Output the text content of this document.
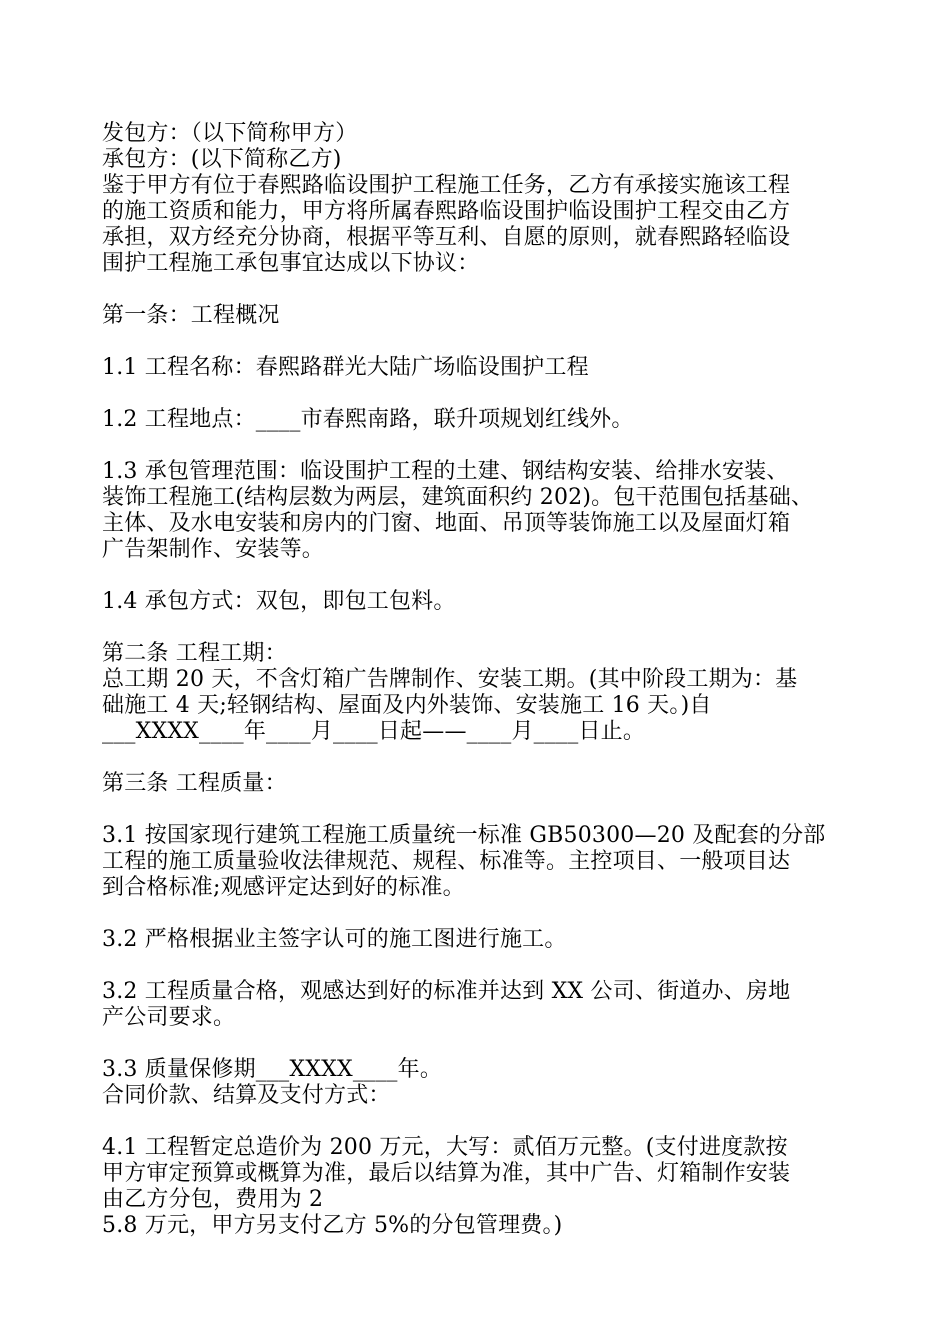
发包方：（以下简称甲方）

承包方：(以下简称乙方)

鉴于甲方有位于春熙路临设围护工程施工任务，乙方有承接实施该工程

的施工资质和能力，甲方将所属春熙路临设围护临设围护工程交由乙方

承担，双方经充分协商，根据平等互利、自愿的原则，就春熙路轻临设

围护工程施工承包事宜达成以下协议：

第一条：工程概况

1.1 工程名称：春熙路群光大陆广场临设围护工程

1.2 工程地点：____市春熙南路，联升项规划红线外。

1.3 承包管理范围：临设围护工程的土建、钢结构安装、给排水安装、

装饰工程施工(结构层数为两层，建筑面积约 202)。包干范围包括基础、

主体、及水电安装和房内的门窗、地面、吊顶等装饰施工以及屋面灯箱

广告架制作、安装等。

1.4 承包方式：双包，即包工包料。

第二条 工程工期：

总工期 20 天，不含灯箱广告牌制作、安装工期。(其中阶段工期为：基

础施工 4 天;轻钢结构、屋面及内外装饰、安装施工 16 天。)自

___XXXX____年____月____日起——____月____日止。

第三条 工程质量：

3.1 按国家现行建筑工程施工质量统一标准 GB50300—20 及配套的分部

工程的施工质量验收法律规范、规程、标准等。主控项目、一般项目达

到合格标准;观感评定达到好的标准。

3.2 严格根据业主签字认可的施工图进行施工。

3.2 工程质量合格，观感达到好的标准并达到 XX 公司、街道办、房地

产公司要求。

3.3 质量保修期___XXXX____年。

合同价款、结算及支付方式：

4.1 工程暂定总造价为 200 万元，大写：贰佰万元整。(支付进度款按

甲方审定预算或概算为准，最后以结算为准，其中广告、灯箱制作安装

由乙方分包，费用为 2

5.8 万元，甲方另支付乙方 5%的分包管理费。)
